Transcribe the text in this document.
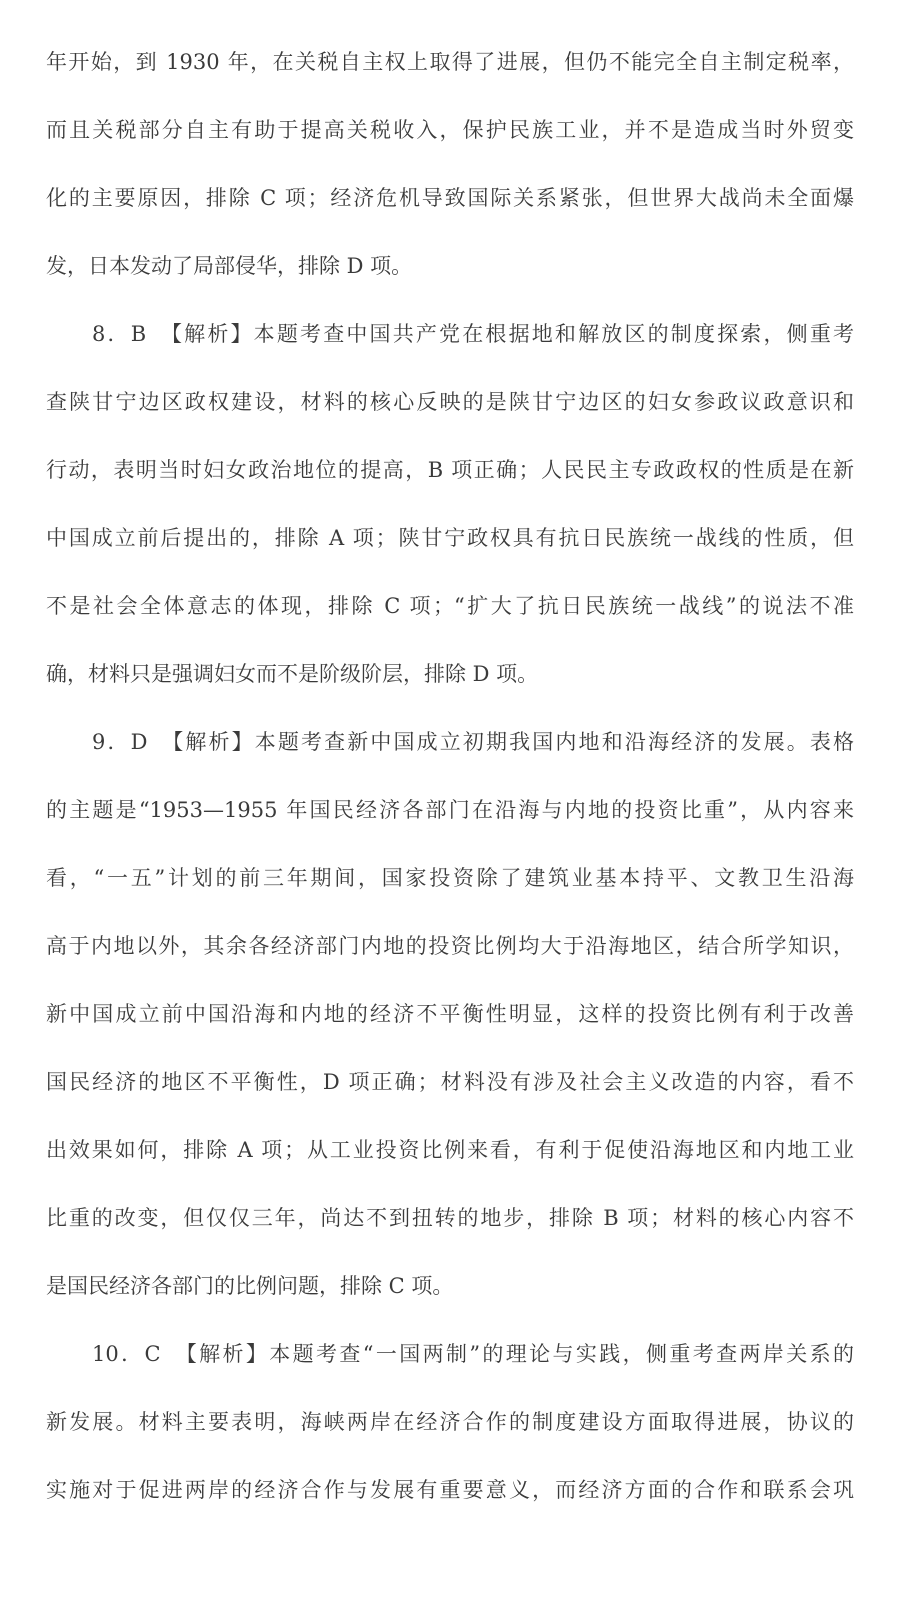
年开始，到 1930 年，在关税自主权上取得了进展，但仍不能完全自主制定税率，
而且关税部分自主有助于提高关税收入，保护民族工业，并不是造成当时外贸变
化的主要原因，排除 C 项；经济危机导致国际关系紧张，但世界大战尚未全面爆
发，日本发动了局部侵华，排除 D 项。
8．B　【解析】本题考查中国共产党在根据地和解放区的制度探索，侧重考
查陕甘宁边区政权建设，材料的核心反映的是陕甘宁边区的妇女参政议政意识和
行动，表明当时妇女政治地位的提高，B 项正确；人民民主专政政权的性质是在新
中国成立前后提出的，排除 A 项；陕甘宁政权具有抗日民族统一战线的性质，但
不是社会全体意志的体现，排除 C 项；“扩大了抗日民族统一战线”的说法不准
确，材料只是强调妇女而不是阶级阶层，排除 D 项。
9．D　【解析】本题考查新中国成立初期我国内地和沿海经济的发展。表格
的主题是“1953—1955 年国民经济各部门在沿海与内地的投资比重”，从内容来
看，“一五”计划的前三年期间，国家投资除了建筑业基本持平、文教卫生沿海
高于内地以外，其余各经济部门内地的投资比例均大于沿海地区，结合所学知识，
新中国成立前中国沿海和内地的经济不平衡性明显，这样的投资比例有利于改善
国民经济的地区不平衡性，D 项正确；材料没有涉及社会主义改造的内容，看不
出效果如何，排除 A 项；从工业投资比例来看，有利于促使沿海地区和内地工业
比重的改变，但仅仅三年，尚达不到扭转的地步，排除 B 项；材料的核心内容不
是国民经济各部门的比例问题，排除 C 项。
10．C　【解析】本题考查“一国两制”的理论与实践，侧重考查两岸关系的
新发展。材料主要表明，海峡两岸在经济合作的制度建设方面取得进展，协议的
实施对于促进两岸的经济合作与发展有重要意义，而经济方面的合作和联系会巩
